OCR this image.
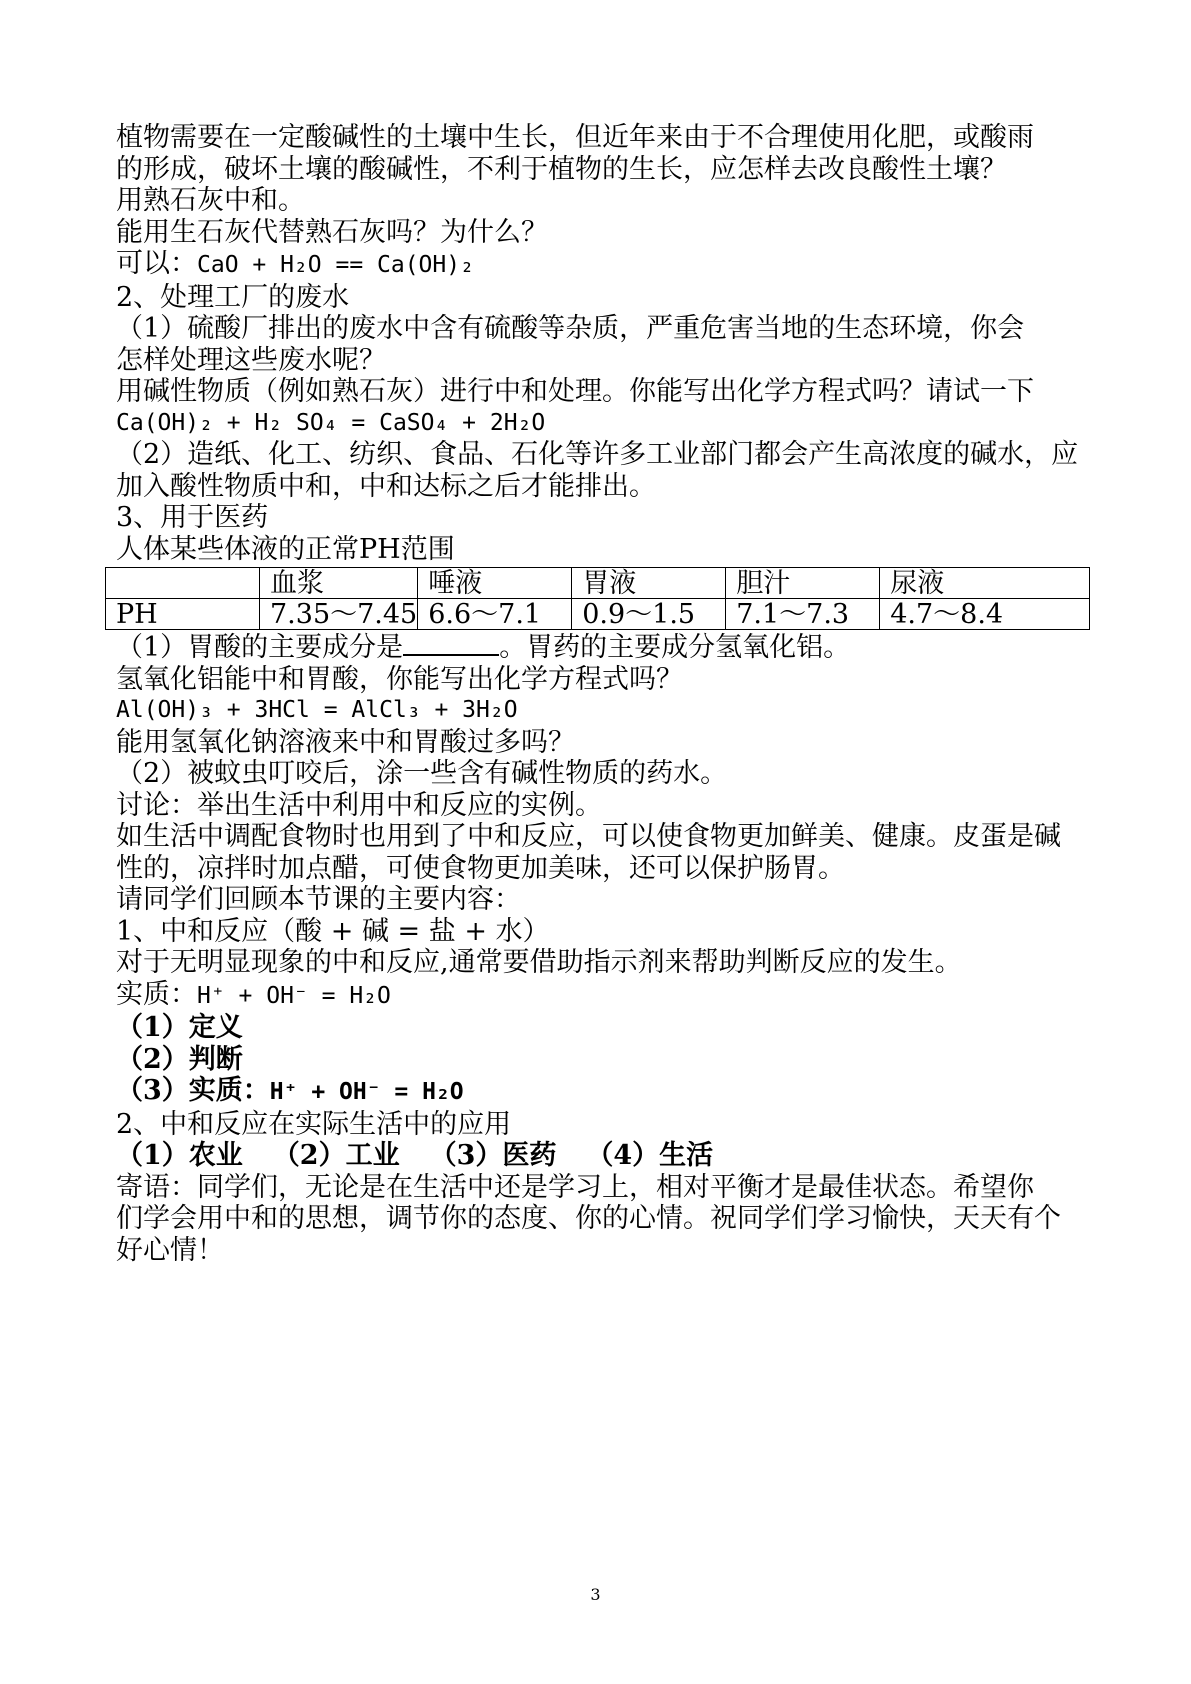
植物需要在一定酸碱性的土壤中生长，但近年来由于不合理使用化肥，或酸雨
的形成，破坏土壤的酸碱性，不利于植物的生长，应怎样去改良酸性土壤？
用熟石灰中和。
能用生石灰代替熟石灰吗？为什么？
可以：CaO + H₂O == Ca(OH)₂
2、处理工厂的废水
（1）硫酸厂排出的废水中含有硫酸等杂质，严重危害当地的生态环境，你会
怎样处理这些废水呢？
用碱性物质（例如熟石灰）进行中和处理。你能写出化学方程式吗？请试一下
Ca(OH)₂ + H₂ SO₄ = CaSO₄ + 2H₂O
（2）造纸、化工、纺织、食品、石化等许多工业部门都会产生高浓度的碱水，应
加入酸性物质中和，中和达标之后才能排出。
3、用于医药
人体某些体液的正常PH范围
	血浆	唾液	胃液	胆汁	尿液
PH	7.35～7.45	6.6～7.1	0.9～1.5	7.1～7.3	4.7～8.4
（1）胃酸的主要成分是	。胃药的主要成分氢氧化铝。
氢氧化铝能中和胃酸，你能写出化学方程式吗？
Al(OH)₃ + 3HCl = AlCl₃ + 3H₂O
能用氢氧化钠溶液来中和胃酸过多吗？
（2）被蚊虫叮咬后，涂一些含有碱性物质的药水。
讨论：举出生活中利用中和反应的实例。
如生活中调配食物时也用到了中和反应，可以使食物更加鲜美、健康。皮蛋是碱
性的，凉拌时加点醋，可使食物更加美味，还可以保护肠胃。
请同学们回顾本节课的主要内容：
1、中和反应（酸 + 碱 = 盐 + 水）
对于无明显现象的中和反应,通常要借助指示剂来帮助判断反应的发生。
实质：H⁺ + OH⁻ = H₂O
（1）定义
（2）判断
（3）实质：H⁺ + OH⁻ = H₂O
2、中和反应在实际生活中的应用
（1）农业 （2）工业 （3）医药 （4）生活
寄语：同学们，无论是在生活中还是学习上，相对平衡才是最佳状态。希望你
们学会用中和的思想，调节你的态度、你的心情。祝同学们学习愉快，天天有个
好心情！
3
